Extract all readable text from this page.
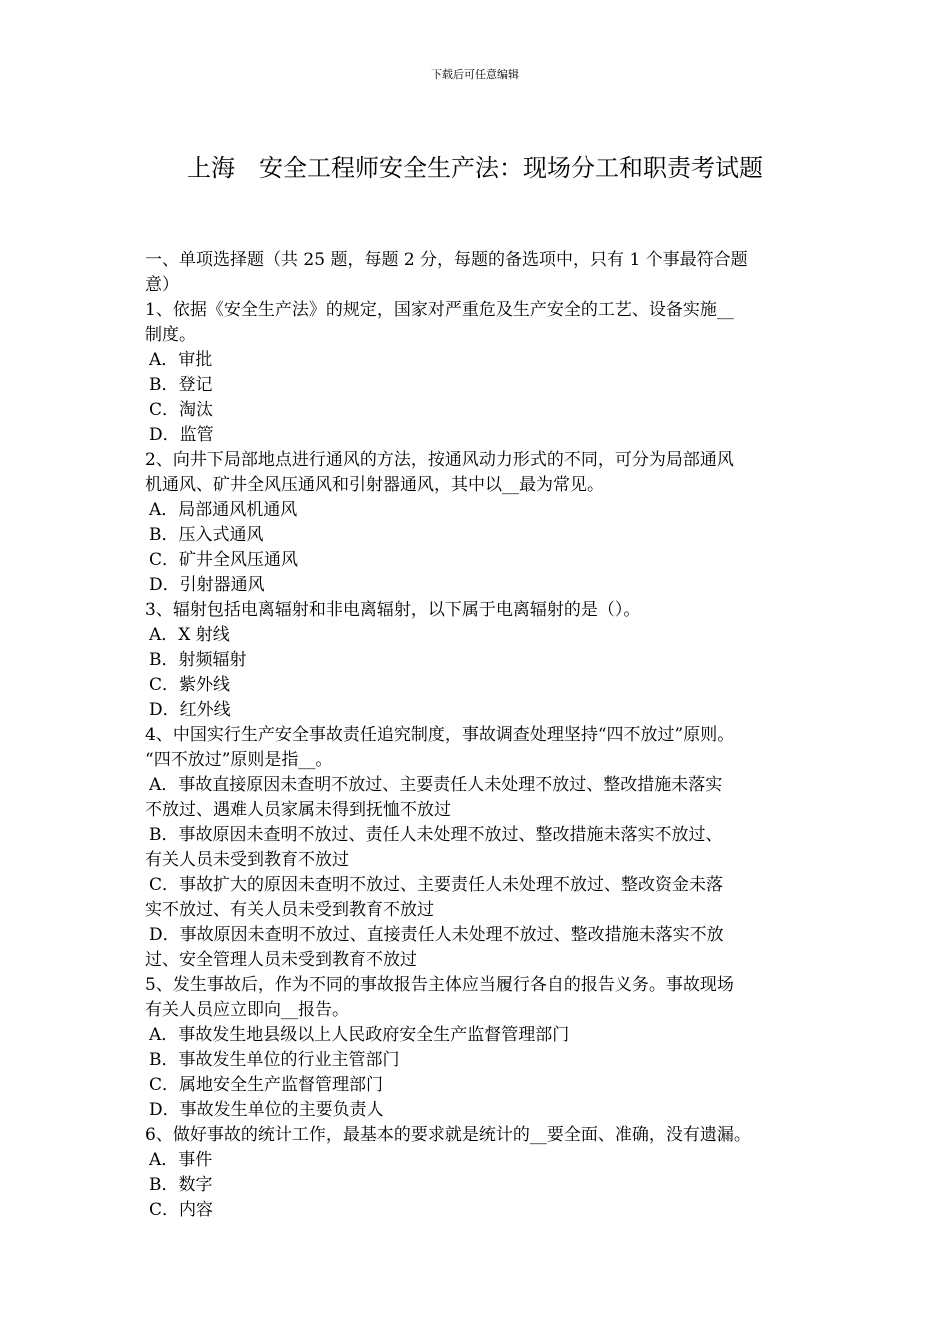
下载后可任意编辑
上海　安全工程师安全生产法：现场分工和职责考试题
一、单项选择题（共 25 题，每题 2 分，每题的备选项中，只有 1 个事最符合题
意）
1、依据《安全生产法》的规定，国家对严重危及生产安全的工艺、设备实施__
制度。
A．审批
B．登记
C．淘汰
D．监管
2、向井下局部地点进行通风的方法，按通风动力形式的不同，可分为局部通风
机通风、矿井全风压通风和引射器通风，其中以__最为常见。
A．局部通风机通风
B．压入式通风
C．矿井全风压通风
D．引射器通风
3、辐射包括电离辐射和非电离辐射，以下属于电离辐射的是（）。
A．X 射线
B．射频辐射
C．紫外线
D．红外线
4、中国实行生产安全事故责任追究制度，事故调查处理坚持“四不放过”原则。
“四不放过”原则是指__。
A．事故直接原因未查明不放过、主要责任人未处理不放过、整改措施未落实
不放过、遇难人员家属未得到抚恤不放过
B．事故原因未查明不放过、责任人未处理不放过、整改措施未落实不放过、
有关人员未受到教育不放过
C．事故扩大的原因未查明不放过、主要责任人未处理不放过、整改资金未落
实不放过、有关人员未受到教育不放过
D．事故原因未查明不放过、直接责任人未处理不放过、整改措施未落实不放
过、安全管理人员未受到教育不放过
5、发生事故后，作为不同的事故报告主体应当履行各自的报告义务。事故现场
有关人员应立即向__报告。
A．事故发生地县级以上人民政府安全生产监督管理部门
B．事故发生单位的行业主管部门
C．属地安全生产监督管理部门
D．事故发生单位的主要负责人
6、做好事故的统计工作，最基本的要求就是统计的__要全面、准确，没有遗漏。
A．事件
B．数字
C．内容
